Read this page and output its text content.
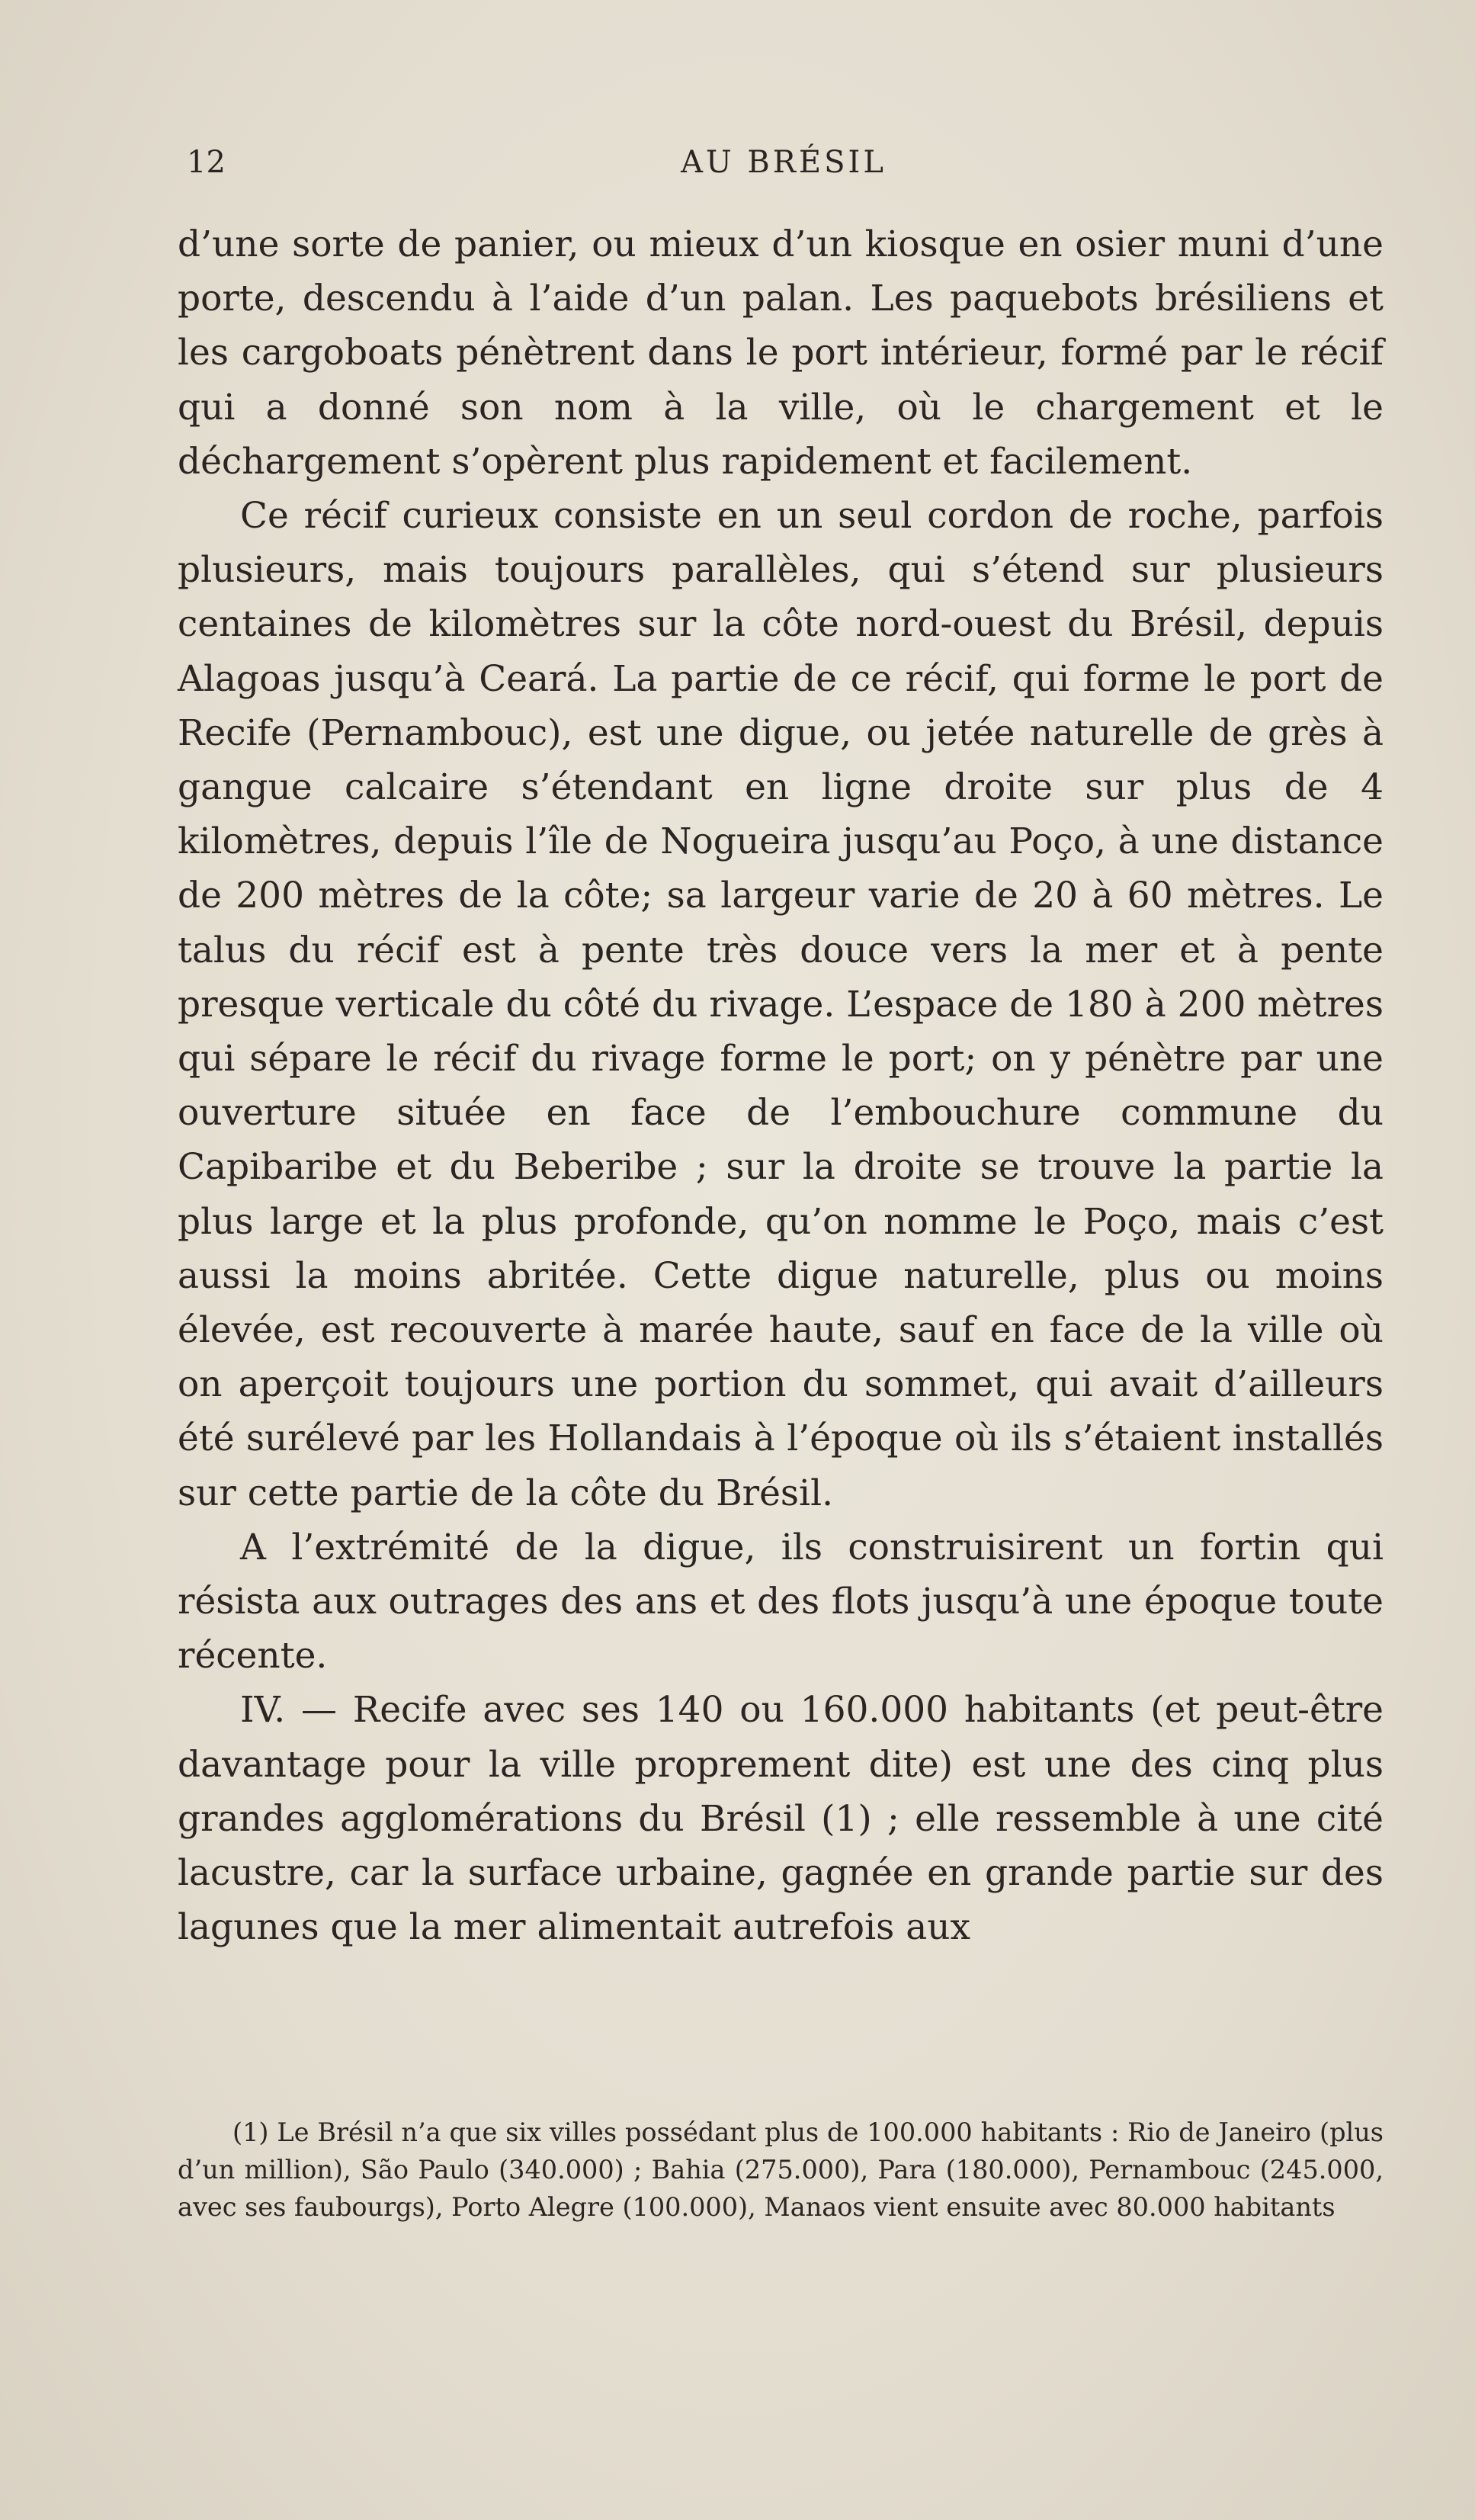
12	AU BRÉSIL

d’une sorte de panier, ou mieux d’un kiosque en osier muni d’une porte, descendu à l’aide d’un palan. Les paquebots brésiliens et les cargoboats pénètrent dans le port intérieur, formé par le récif qui a donné son nom à la ville, où le chargement et le déchargement s’opèrent plus rapidement et facilement.

Ce récif curieux consiste en un seul cordon de roche, parfois plusieurs, mais toujours parallèles, qui s’étend sur plusieurs centaines de kilomètres sur la côte nord-ouest du Brésil, depuis Alagoas jusqu’à Ceará. La partie de ce récif, qui forme le port de Recife (Pernambouc), est une digue, ou jetée naturelle de grès à gangue calcaire s’étendant en ligne droite sur plus de 4 kilomètres, depuis l’île de Nogueira jusqu’au Poço, à une distance de 200 mètres de la côte; sa largeur varie de 20 à 60 mètres. Le talus du récif est à pente très douce vers la mer et à pente presque verticale du côté du rivage. L’espace de 180 à 200 mètres qui sépare le récif du rivage forme le port; on y pénètre par une ouverture située en face de l’embouchure commune du Capibaribe et du Beberibe ; sur la droite se trouve la partie la plus large et la plus profonde, qu’on nomme le Poço, mais c’est aussi la moins abritée. Cette digue naturelle, plus ou moins élevée, est recouverte à marée haute, sauf en face de la ville où on aperçoit toujours une portion du sommet, qui avait d’ailleurs été surélevé par les Hollandais à l’époque où ils s’étaient installés sur cette partie de la côte du Brésil.

A l’extrémité de la digue, ils construisirent un fortin qui résista aux outrages des ans et des flots jusqu’à une époque toute récente.

IV. — Recife avec ses 140 ou 160.000 habitants (et peut-être davantage pour la ville proprement dite) est une des cinq plus grandes agglomérations du Brésil (1) ; elle ressemble à une cité lacustre, car la surface urbaine, gagnée en grande partie sur des lagunes que la mer alimentait autrefois aux

(1) Le Brésil n’a que six villes possédant plus de 100.000 habitants : Rio de Janeiro (plus d’un million), São Paulo (340.000) ; Bahia (275.000), Para (180.000), Pernambouc (245.000, avec ses faubourgs), Porto Alegre (100.000), Manaos vient ensuite avec 80.000 habitants
